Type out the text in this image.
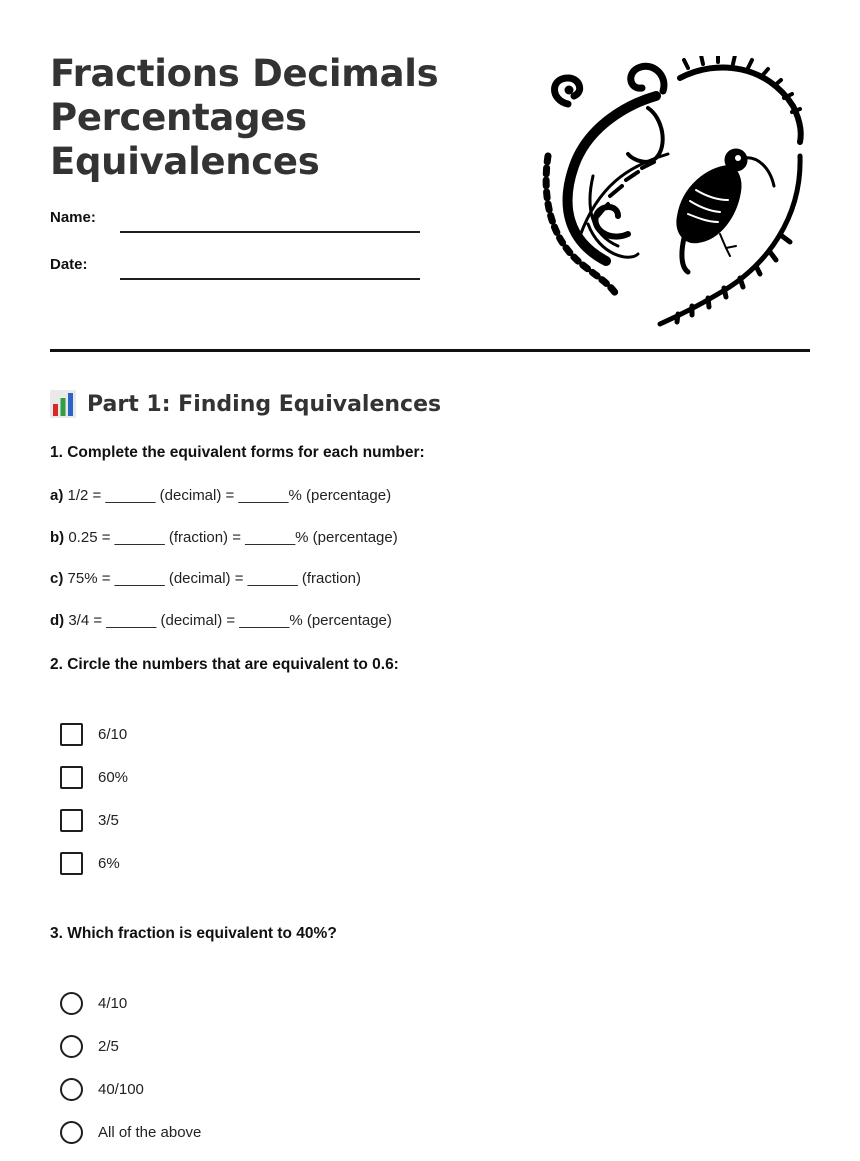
Fractions Decimals
Percentages
Equivalences
Name:
Date:
Part 1: Finding Equivalences
1. Complete the equivalent forms for each number:
a) 1/2 = ______ (decimal) = ______% (percentage)
b) 0.25 = ______ (fraction) = ______% (percentage)
c) 75% = ______ (decimal) = ______ (fraction)
d) 3/4 = ______ (decimal) = ______% (percentage)
2. Circle the numbers that are equivalent to 0.6:
6/10
60%
3/5
6%
3. Which fraction is equivalent to 40%?
4/10
2/5
40/100
All of the above
